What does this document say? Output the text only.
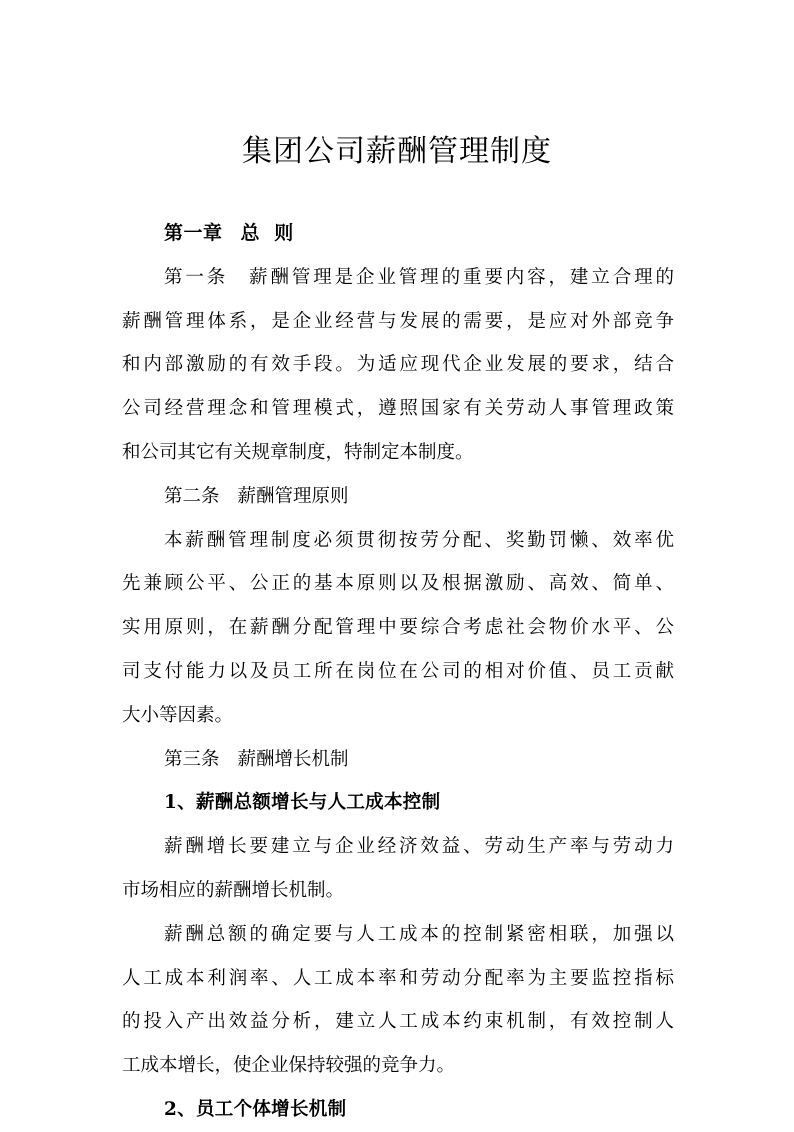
集团公司薪酬管理制度
第一章 总  则
第一条 薪酬管理是企业管理的重要内容，建立合理的
薪酬管理体系，是企业经营与发展的需要，是应对外部竞争
和内部激励的有效手段。为适应现代企业发展的要求，结合
公司经营理念和管理模式，遵照国家有关劳动人事管理政策
和公司其它有关规章制度，特制定本制度。
第二条 薪酬管理原则
本薪酬管理制度必须贯彻按劳分配、奖勤罚懒、效率优
先兼顾公平、公正的基本原则以及根据激励、高效、简单、
实用原则，在薪酬分配管理中要综合考虑社会物价水平、公
司支付能力以及员工所在岗位在公司的相对价值、员工贡献
大小等因素。
第三条 薪酬增长机制
1、薪酬总额增长与人工成本控制
薪酬增长要建立与企业经济效益、劳动生产率与劳动力
市场相应的薪酬增长机制。
薪酬总额的确定要与人工成本的控制紧密相联，加强以
人工成本利润率、人工成本率和劳动分配率为主要监控指标
的投入产出效益分析，建立人工成本约束机制，有效控制人
工成本增长，使企业保持较强的竞争力。
2、员工个体增长机制
